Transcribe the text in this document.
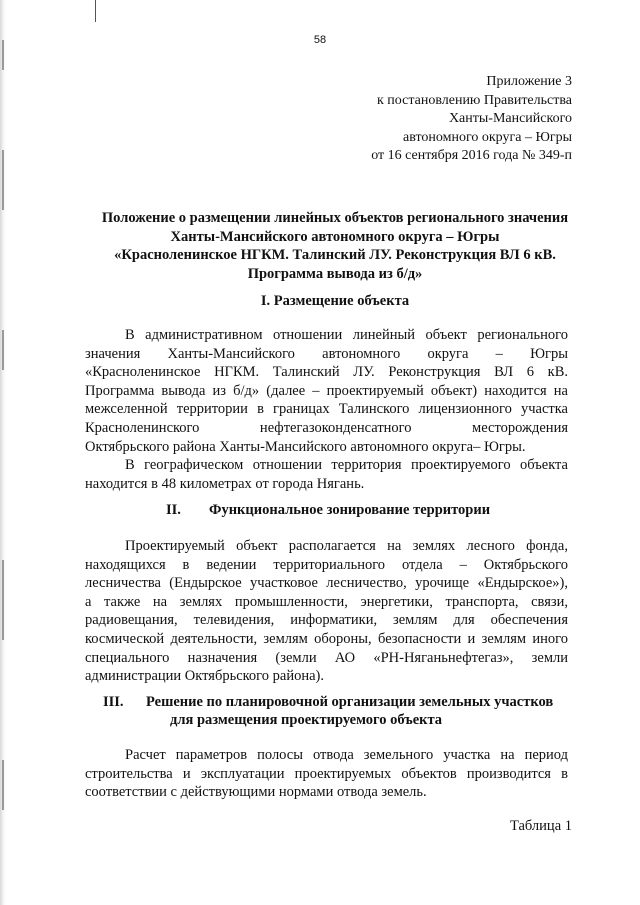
58
Приложение 3
к постановлению Правительства
Ханты-Мансийского
автономного округа – Югры
от 16 сентября 2016 года № 349-п
Положение о размещении линейных объектов регионального значения
Ханты-Мансийского автономного округа – Югры
«Красноленинское НГКМ. Талинский ЛУ. Реконструкция ВЛ 6 кВ.
Программа вывода из б/д»
I. Размещение объекта
В административном отношении линейный объект регионального
значения Ханты-Мансийского автономного округа – Югры
«Красноленинское НГКМ. Талинский ЛУ. Реконструкция ВЛ 6 кВ.
Программа вывода из б/д» (далее – проектируемый объект) находится на
межселенной территории в границах Талинского лицензионного участка
Красноленинского нефтегазоконденсатного месторождения
Октябрьского района Ханты-Мансийского автономного округа– Югры.
В географическом отношении территория проектируемого объекта
находится в 48 километрах от города Нягань.
II. Функциональное зонирование территории
Проектируемый объект располагается на землях лесного фонда,
находящихся в ведении территориального отдела – Октябрьского
лесничества (Ендырское участковое лесничество, урочище «Ендырское»),
а также на землях промышленности, энергетики, транспорта, связи,
радиовещания, телевидения, информатики, землям для обеспечения
космической деятельности, землям обороны, безопасности и землям иного
специального назначения (земли АО «РН-Няганьнефтегаз», земли
администрации Октябрьского района).
III. Решение по планировочной организации земельных участков
для размещения проектируемого объекта
Расчет параметров полосы отвода земельного участка на период
строительства и эксплуатации проектируемых объектов производится в
соответствии с действующими нормами отвода земель.
Таблица 1
